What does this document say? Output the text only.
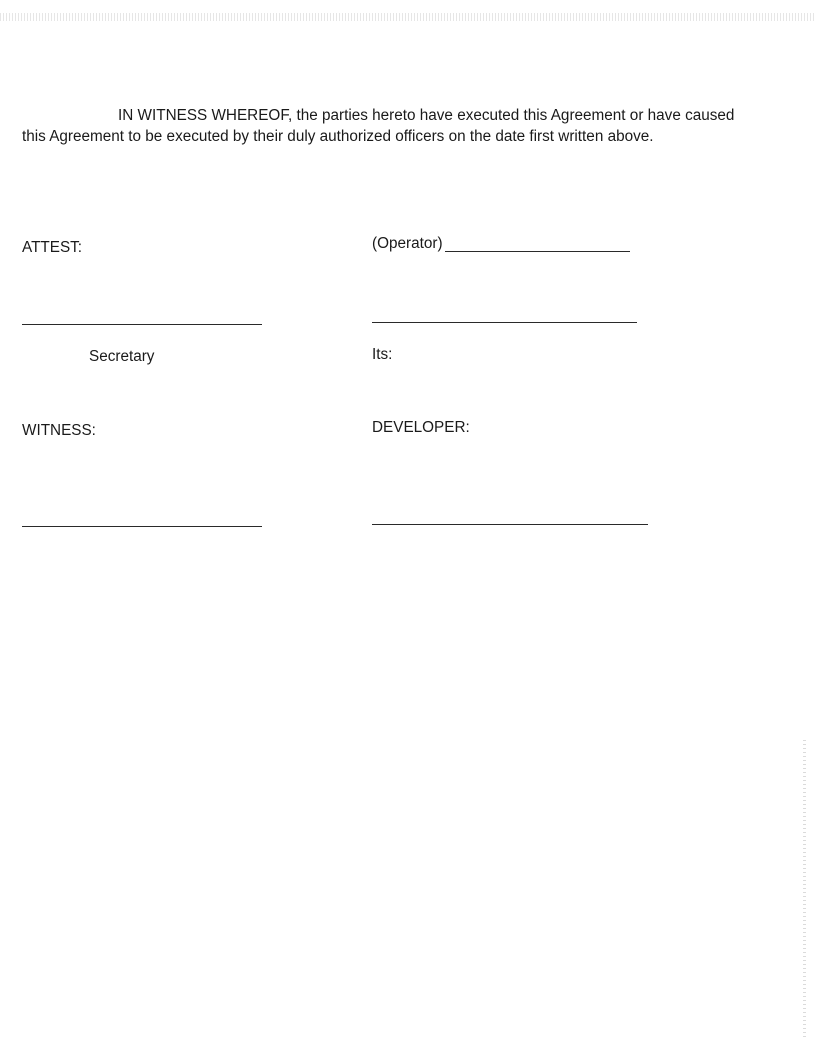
IN WITNESS WHEREOF, the parties hereto have executed this Agreement or have caused
this Agreement to be executed by their duly authorized officers on the date first written above.

ATTEST:
Secretary
WITNESS:
(Operator)
Its:
DEVELOPER:
